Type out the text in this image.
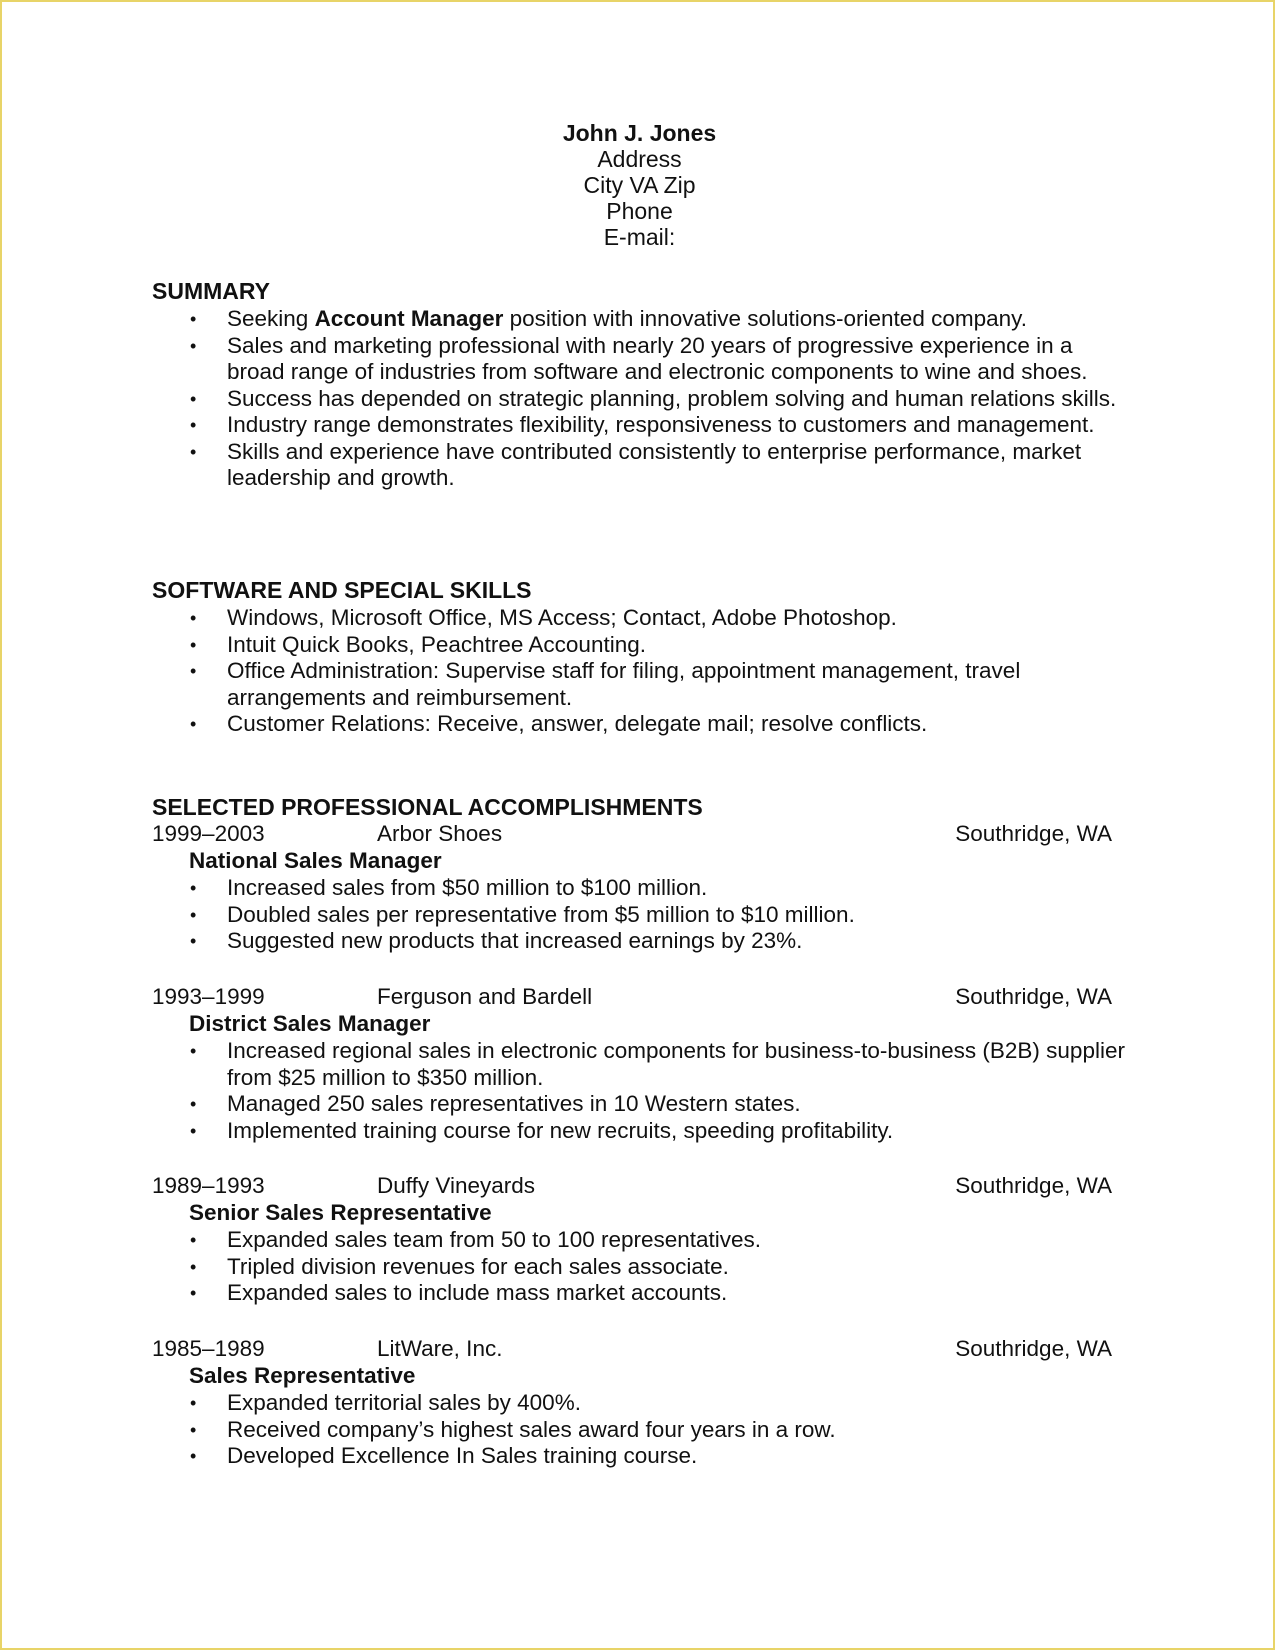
John J. Jones
Address
City VA Zip
Phone
E-mail:
SUMMARY
• Seeking Account Manager position with innovative solutions-oriented company.
• Sales and marketing professional with nearly 20 years of progressive experience in a broad range of industries from software and electronic components to wine and shoes.
• Success has depended on strategic planning, problem solving and human relations skills.
• Industry range demonstrates flexibility, responsiveness to customers and management.
• Skills and experience have contributed consistently to enterprise performance, market leadership and growth.
SOFTWARE AND SPECIAL SKILLS
• Windows, Microsoft Office, MS Access; Contact, Adobe Photoshop.
• Intuit Quick Books, Peachtree Accounting.
• Office Administration: Supervise staff for filing, appointment management, travel arrangements and reimbursement.
• Customer Relations: Receive, answer, delegate mail; resolve conflicts.
SELECTED PROFESSIONAL ACCOMPLISHMENTS
1999–2003	Arbor Shoes	Southridge, WA
National Sales Manager
• Increased sales from $50 million to $100 million.
• Doubled sales per representative from $5 million to $10 million.
• Suggested new products that increased earnings by 23%.
1993–1999	Ferguson and Bardell	Southridge, WA
District Sales Manager
• Increased regional sales in electronic components for business-to-business (B2B) supplier from $25 million to $350 million.
• Managed 250 sales representatives in 10 Western states.
• Implemented training course for new recruits, speeding profitability.
1989–1993	Duffy Vineyards	Southridge, WA
Senior Sales Representative
• Expanded sales team from 50 to 100 representatives.
• Tripled division revenues for each sales associate.
• Expanded sales to include mass market accounts.
1985–1989	LitWare, Inc.	Southridge, WA
Sales Representative
• Expanded territorial sales by 400%.
• Received company’s highest sales award four years in a row.
• Developed Excellence In Sales training course.
